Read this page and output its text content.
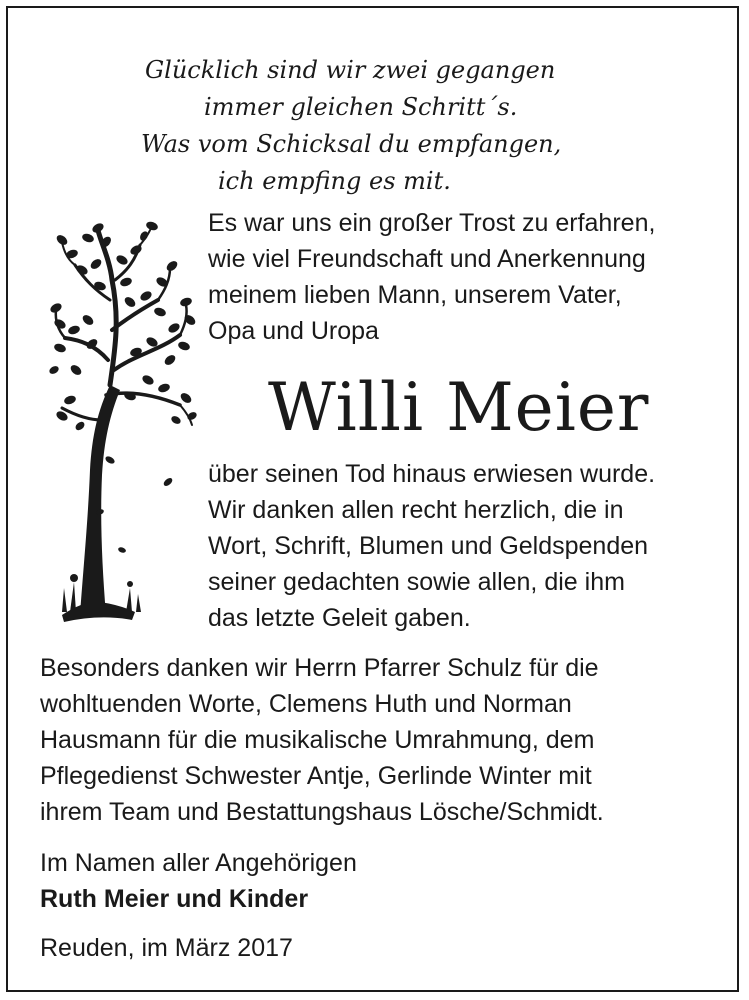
Glücklich sind wir zwei gegangen
immer gleichen Schritt´s.
Was vom Schicksal du empfangen,
ich empfing es mit.
Es war uns ein großer Trost zu erfahren,
wie viel Freundschaft und Anerkennung
meinem lieben Mann, unserem Vater,
Opa und Uropa
Willi Meier
über seinen Tod hinaus erwiesen wurde.
Wir danken allen recht herzlich, die in
Wort, Schrift, Blumen und Geldspenden
seiner gedachten sowie allen, die ihm
das letzte Geleit gaben.
Besonders danken wir Herrn Pfarrer Schulz für die
wohltuenden Worte, Clemens Huth und Norman
Hausmann für die musikalische Umrahmung, dem
Pflegedienst Schwester Antje, Gerlinde Winter mit
ihrem Team und Bestattungshaus Lösche/Schmidt.
Im Namen aller Angehörigen
Ruth Meier und Kinder
Reuden, im März 2017
